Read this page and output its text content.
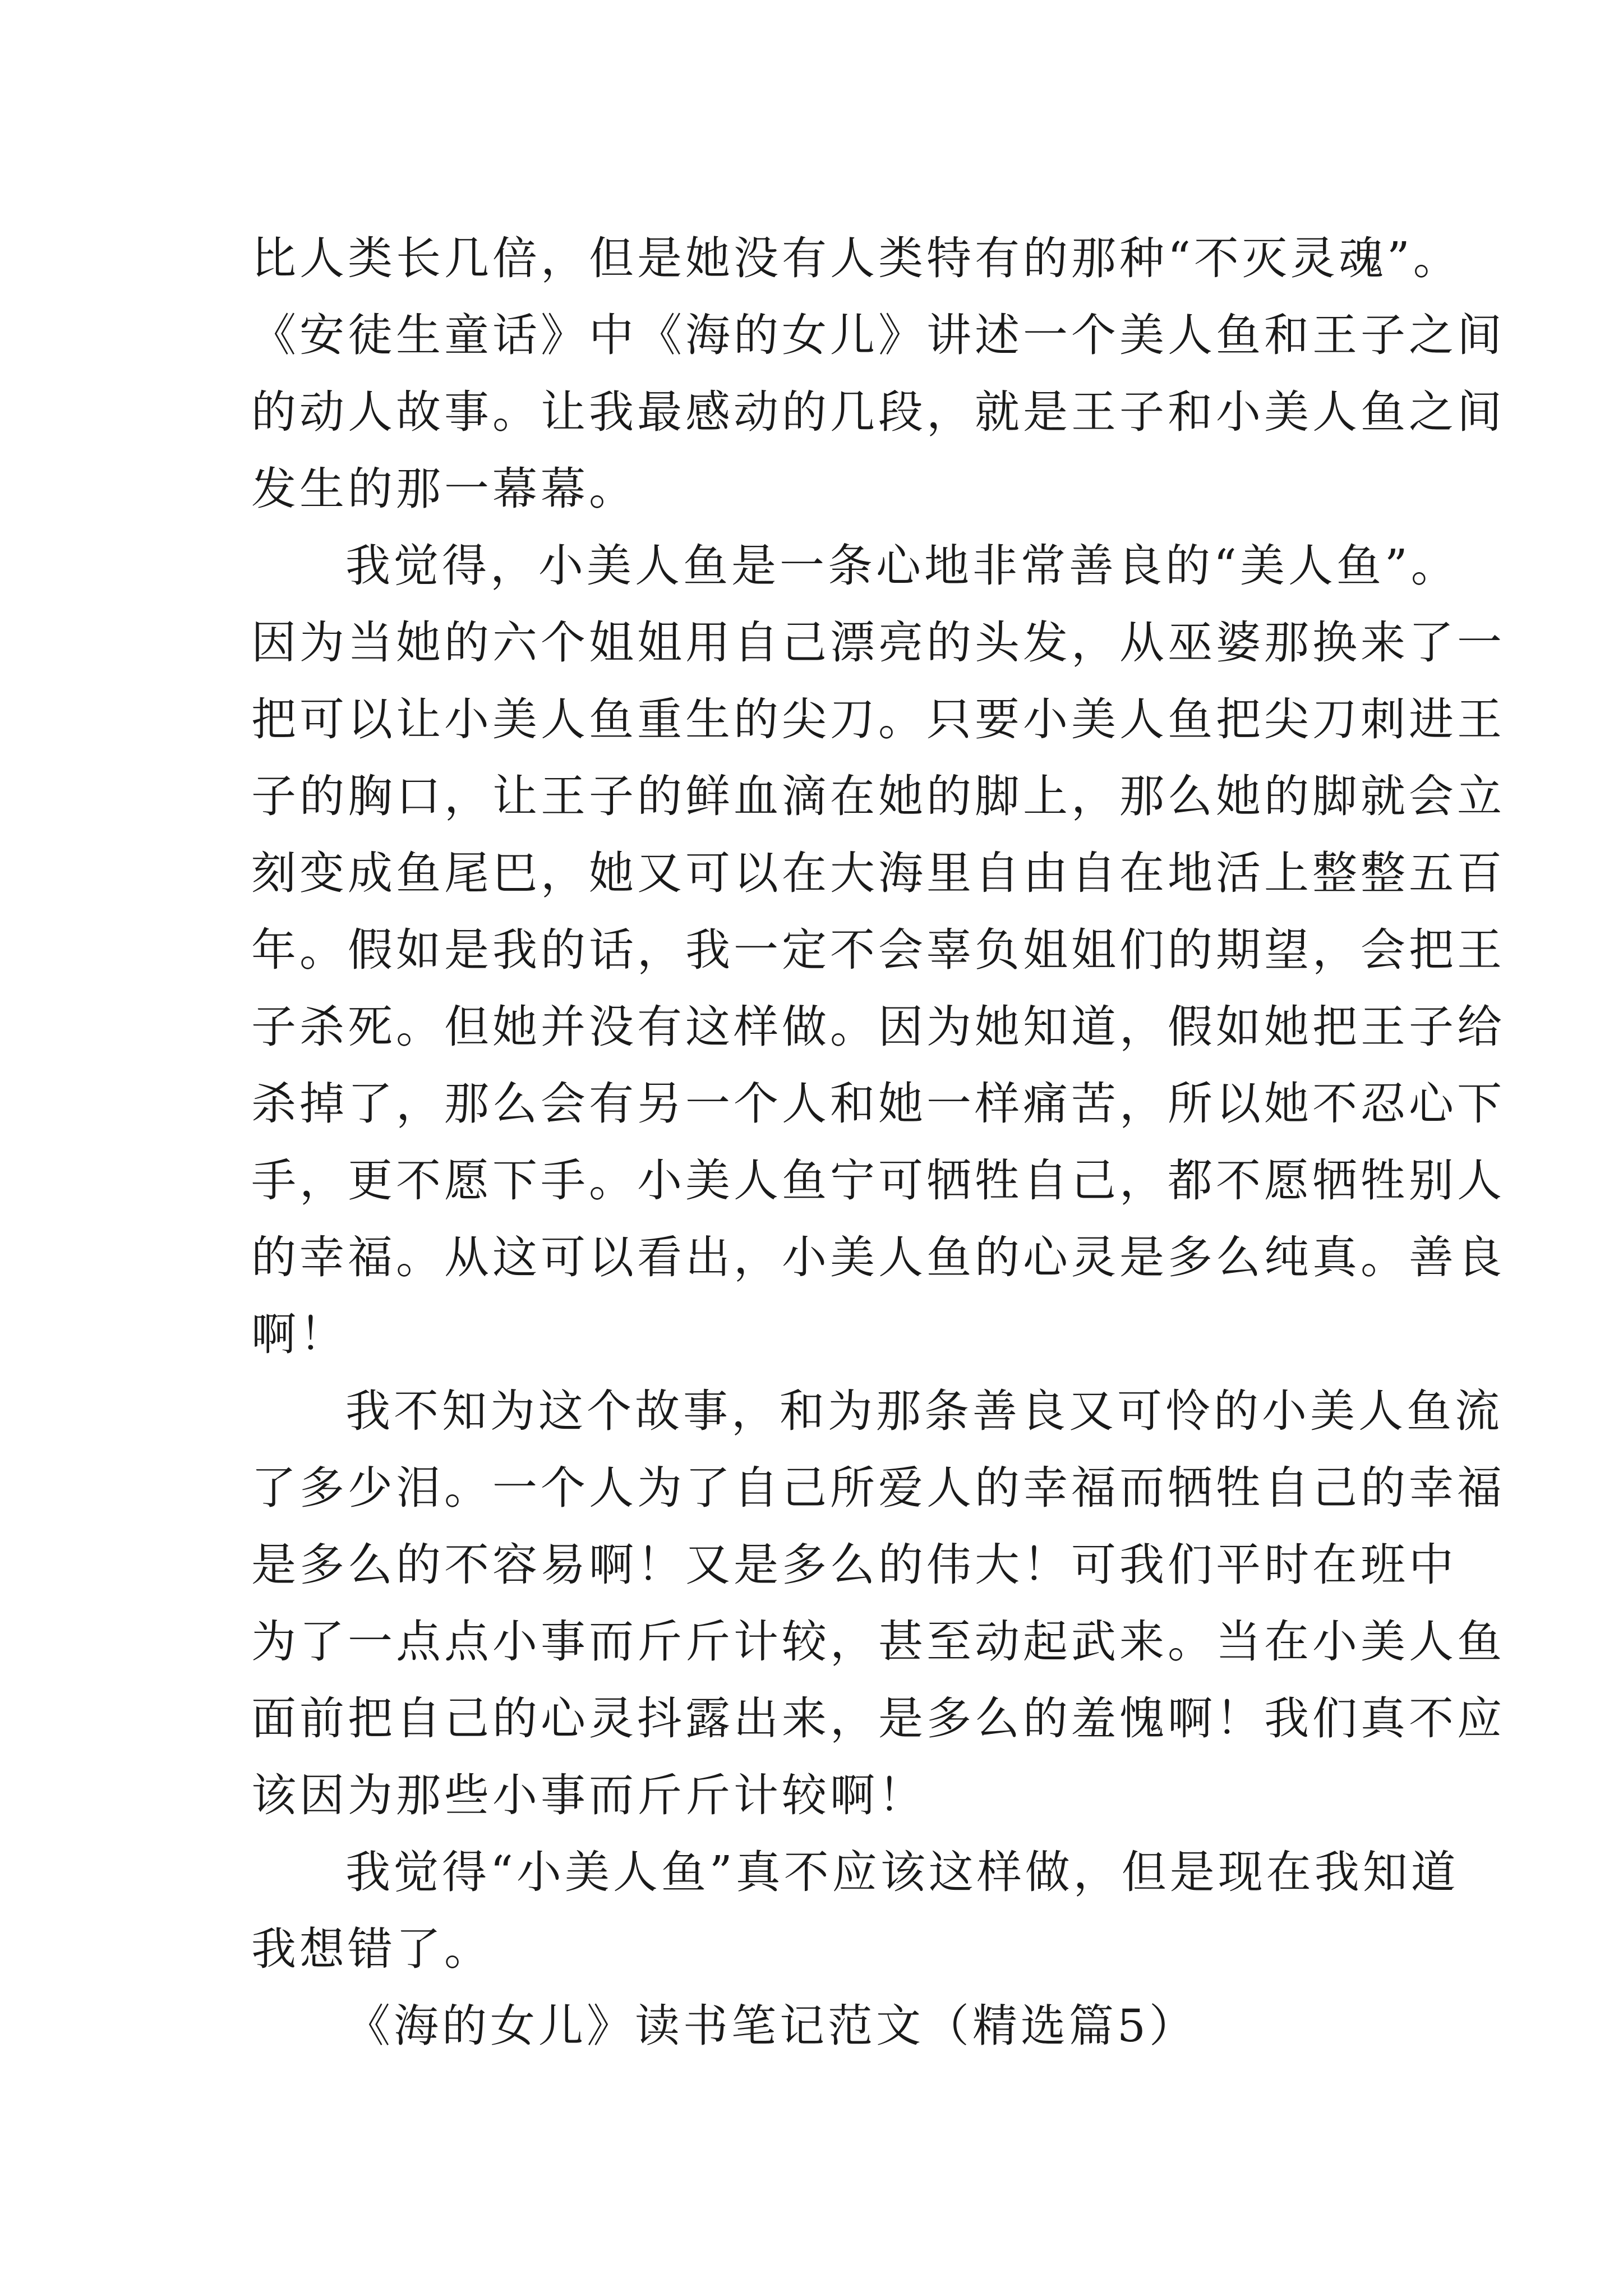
比人类长几倍，但是她没有人类特有的那种“不灭灵魂”。
《安徒生童话》中《海的女儿》讲述一个美人鱼和王子之间
的动人故事。让我最感动的几段，就是王子和小美人鱼之间
发生的那一幕幕。
我觉得，小美人鱼是一条心地非常善良的“美人鱼”。
因为当她的六个姐姐用自己漂亮的头发，从巫婆那换来了一
把可以让小美人鱼重生的尖刀。只要小美人鱼把尖刀刺进王
子的胸口，让王子的鲜血滴在她的脚上，那么她的脚就会立
刻变成鱼尾巴，她又可以在大海里自由自在地活上整整五百
年。假如是我的话，我一定不会辜负姐姐们的期望，会把王
子杀死。但她并没有这样做。因为她知道，假如她把王子给
杀掉了，那么会有另一个人和她一样痛苦，所以她不忍心下
手，更不愿下手。小美人鱼宁可牺牲自己，都不愿牺牲别人
的幸福。从这可以看出，小美人鱼的心灵是多么纯真。善良
啊！
我不知为这个故事，和为那条善良又可怜的小美人鱼流
了多少泪。一个人为了自己所爱人的幸福而牺牲自己的幸福
是多么的不容易啊！又是多么的伟大！可我们平时在班中
为了一点点小事而斤斤计较，甚至动起武来。当在小美人鱼
面前把自己的心灵抖露出来，是多么的羞愧啊！我们真不应
该因为那些小事而斤斤计较啊！
我觉得“小美人鱼”真不应该这样做，但是现在我知道
我想错了。
《海的女儿》读书笔记范文（精选篇5）
